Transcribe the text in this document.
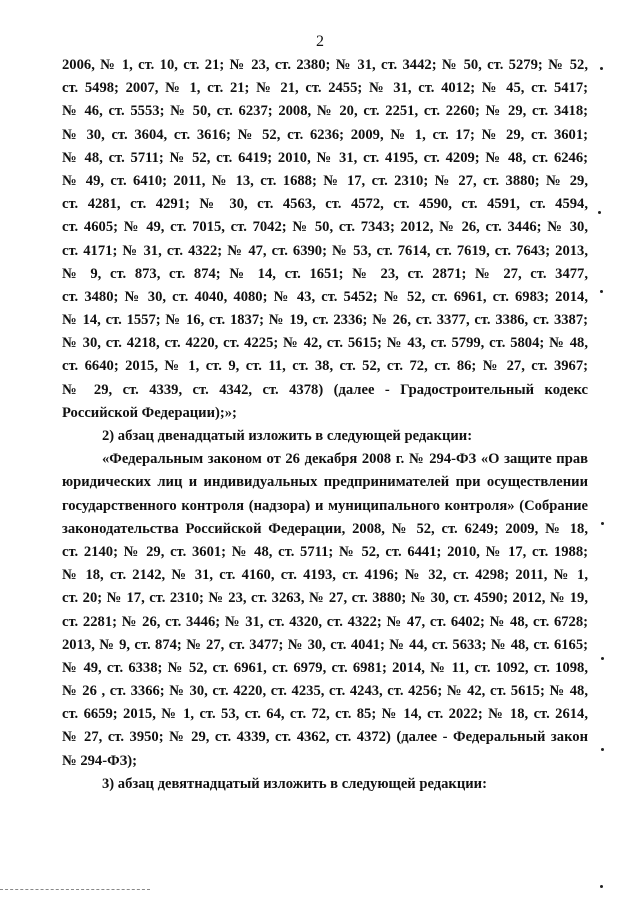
2
2006, № 1, ст. 10, ст. 21; № 23, ст. 2380; № 31, ст. 3442; № 50, ст. 5279; № 52,
ст. 5498; 2007, № 1, ст. 21; № 21, ст. 2455; № 31, ст. 4012; № 45, ст. 5417;
№ 46, ст. 5553; № 50, ст. 6237; 2008, № 20, ст. 2251, ст. 2260; № 29, ст. 3418;
№ 30, ст. 3604, ст. 3616; № 52, ст. 6236; 2009, № 1, ст. 17; № 29, ст. 3601;
№ 48, ст. 5711; № 52, ст. 6419; 2010, № 31, ст. 4195, ст. 4209; № 48, ст. 6246;
№ 49, ст. 6410; 2011, № 13, ст. 1688; № 17, ст. 2310; № 27, ст. 3880; № 29,
ст. 4281, ст. 4291; № 30, ст. 4563, ст. 4572, ст. 4590, ст. 4591, ст. 4594,
ст. 4605; № 49, ст. 7015, ст. 7042; № 50, ст. 7343; 2012, № 26, ст. 3446; № 30,
ст. 4171; № 31, ст. 4322; № 47, ст. 6390; № 53, ст. 7614, ст. 7619, ст. 7643; 2013,
№ 9, ст. 873, ст. 874; № 14, ст. 1651; № 23, ст. 2871; № 27, ст. 3477,
ст. 3480; № 30, ст. 4040, 4080; № 43, ст. 5452; № 52, ст. 6961, ст. 6983; 2014,
№ 14, ст. 1557; № 16, ст. 1837; № 19, ст. 2336; № 26, ст. 3377, ст. 3386, ст. 3387;
№ 30, ст. 4218, ст. 4220, ст. 4225; № 42, ст. 5615; № 43, ст. 5799, ст. 5804; № 48,
ст. 6640; 2015, № 1, ст. 9, ст. 11, ст. 38, ст. 52, ст. 72, ст. 86; № 27, ст. 3967;
№ 29, ст. 4339, ст. 4342, ст. 4378) (далее - Градостроительный кодекс
Российской Федерации);»;
2) абзац двенадцатый изложить в следующей редакции:
«Федеральным законом от 26 декабря 2008 г. № 294-ФЗ «О защите прав
юридических лиц и индивидуальных предпринимателей при осуществлении
государственного контроля (надзора) и муниципального контроля» (Собрание
законодательства Российской Федерации, 2008, № 52, ст. 6249; 2009, № 18,
ст. 2140; № 29, ст. 3601; № 48, ст. 5711; № 52, ст. 6441; 2010, № 17, ст. 1988;
№ 18, ст. 2142, № 31, ст. 4160, ст. 4193, ст. 4196; № 32, ст. 4298; 2011, № 1,
ст. 20; № 17, ст. 2310; № 23, ст. 3263, № 27, ст. 3880; № 30, ст. 4590; 2012, № 19,
ст. 2281; № 26, ст. 3446; № 31, ст. 4320, ст. 4322; № 47, ст. 6402; № 48, ст. 6728;
2013, № 9, ст. 874; № 27, ст. 3477; № 30, ст. 4041; № 44, ст. 5633; № 48, ст. 6165;
№ 49, ст. 6338; № 52, ст. 6961, ст. 6979, ст. 6981; 2014, № 11, ст. 1092, ст. 1098,
№ 26 , ст. 3366; № 30, ст. 4220, ст. 4235, ст. 4243, ст. 4256; № 42, ст. 5615; № 48,
ст. 6659; 2015, № 1, ст. 53, ст. 64, ст. 72, ст. 85; № 14, ст. 2022; № 18, ст. 2614,
№ 27, ст. 3950; № 29, ст. 4339, ст. 4362, ст. 4372) (далее - Федеральный закон
№ 294-ФЗ);
3) абзац девятнадцатый изложить в следующей редакции:
